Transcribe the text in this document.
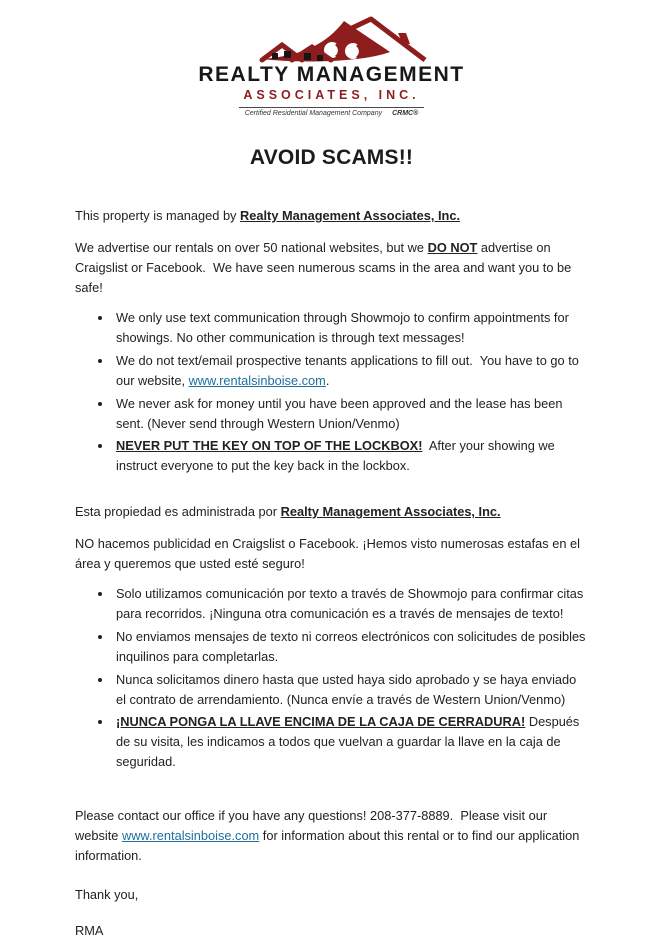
REALTY MANAGEMENT
ASSOCIATES, INC.
Certified Residential Management Company CRMC®
AVOID SCAMS!!

This property is managed by Realty Management Associates, Inc.

We advertise our rentals on over 50 national websites, but we DO NOT advertise on Craigslist or Facebook.  We have seen numerous scams in the area and want you to be safe!

• We only use text communication through Showmojo to confirm appointments for showings. No other communication is through text messages!
• We do not text/email prospective tenants applications to fill out.  You have to go to our website, www.rentalsinboise.com.
• We never ask for money until you have been approved and the lease has been sent. (Never send through Western Union/Venmo)
• NEVER PUT THE KEY ON TOP OF THE LOCKBOX!  After your showing we instruct everyone to put the key back in the lockbox.

Esta propiedad es administrada por Realty Management Associates, Inc.

NO hacemos publicidad en Craigslist o Facebook. ¡Hemos visto numerosas estafas en el área y queremos que usted esté seguro!

• Solo utilizamos comunicación por texto a través de Showmojo para confirmar citas para recorridos. ¡Ninguna otra comunicación es a través de mensajes de texto!
• No enviamos mensajes de texto ni correos electrónicos con solicitudes de posibles inquilinos para completarlas.
• Nunca solicitamos dinero hasta que usted haya sido aprobado y se haya enviado el contrato de arrendamiento. (Nunca envíe a través de Western Union/Venmo)
• ¡NUNCA PONGA LA LLAVE ENCIMA DE LA CAJA DE CERRADURA! Después de su visita, les indicamos a todos que vuelvan a guardar la llave en la caja de seguridad.

Please contact our office if you have any questions! 208-377-8889.  Please visit our website www.rentalsinboise.com for information about this rental or to find our application information.

Thank you,

RMA
